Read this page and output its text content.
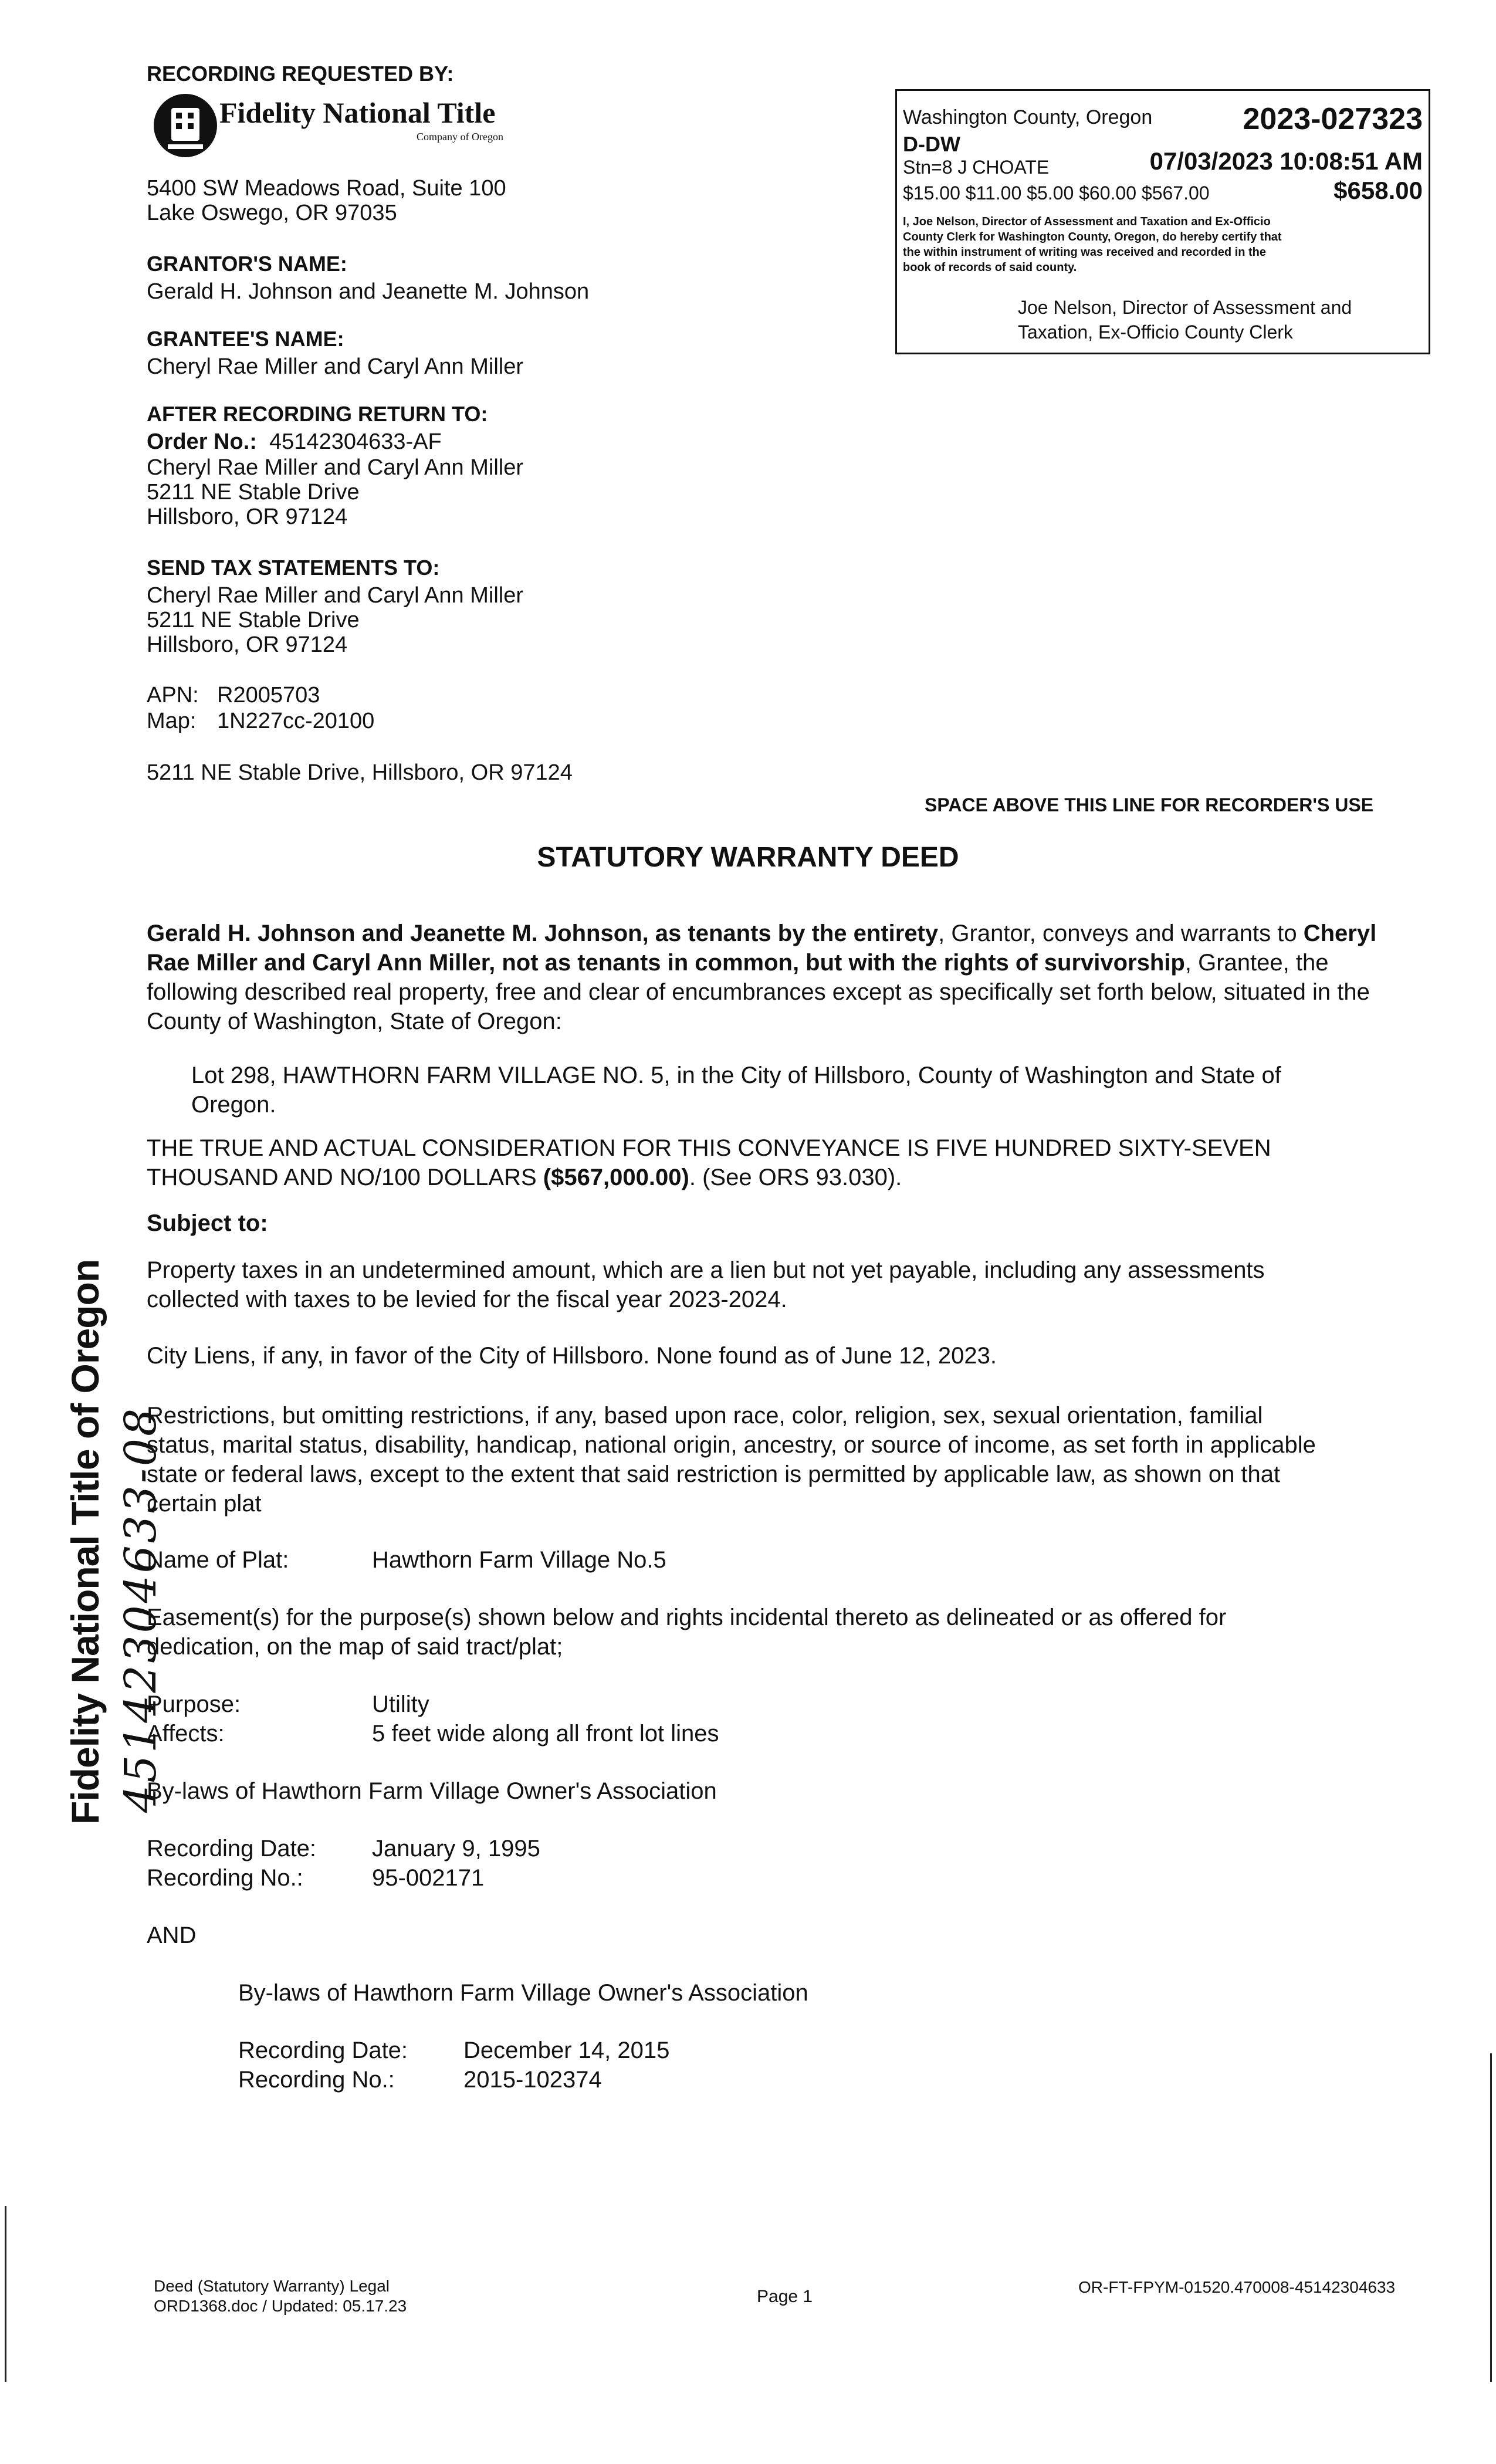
RECORDING REQUESTED BY:
Fidelity National Title
Company of Oregon
5400 SW Meadows Road, Suite 100
Lake Oswego, OR 97035
GRANTOR'S NAME:
Gerald H. Johnson and Jeanette M. Johnson
GRANTEE'S NAME:
Cheryl Rae Miller and Caryl Ann Miller
AFTER RECORDING RETURN TO:
Order No.: 45142304633-AF
Cheryl Rae Miller and Caryl Ann Miller
5211 NE Stable Drive
Hillsboro, OR 97124
SEND TAX STATEMENTS TO:
Cheryl Rae Miller and Caryl Ann Miller
5211 NE Stable Drive
Hillsboro, OR 97124
APN: R2005703
Map: 1N227cc-20100
5211 NE Stable Drive, Hillsboro, OR 97124
Washington County, Oregon	2023-027323
D-DW
Stn=8 J CHOATE	07/03/2023 10:08:51 AM
$15.00 $11.00 $5.00 $60.00 $567.00	$658.00
I, Joe Nelson, Director of Assessment and Taxation and Ex-Officio
County Clerk for Washington County, Oregon, do hereby certify that
the within instrument of writing was received and recorded in the
book of records of said county.
Joe Nelson, Director of Assessment and
Taxation, Ex-Officio County Clerk
SPACE ABOVE THIS LINE FOR RECORDER'S USE
STATUTORY WARRANTY DEED
Gerald H. Johnson and Jeanette M. Johnson, as tenants by the entirety, Grantor, conveys and warrants to Cheryl Rae Miller and Caryl Ann Miller, not as tenants in common, but with the rights of survivorship, Grantee, the following described real property, free and clear of encumbrances except as specifically set forth below, situated in the County of Washington, State of Oregon:
Lot 298, HAWTHORN FARM VILLAGE NO. 5, in the City of Hillsboro, County of Washington and State of
Oregon.
THE TRUE AND ACTUAL CONSIDERATION FOR THIS CONVEYANCE IS FIVE HUNDRED SIXTY-SEVEN
THOUSAND AND NO/100 DOLLARS ($567,000.00). (See ORS 93.030).
Subject to:
Property taxes in an undetermined amount, which are a lien but not yet payable, including any assessments
collected with taxes to be levied for the fiscal year 2023-2024.
City Liens, if any, in favor of the City of Hillsboro. None found as of June 12, 2023.
Restrictions, but omitting restrictions, if any, based upon race, color, religion, sex, sexual orientation, familial
status, marital status, disability, handicap, national origin, ancestry, or source of income, as set forth in applicable
state or federal laws, except to the extent that said restriction is permitted by applicable law, as shown on that
certain plat
Name of Plat:	Hawthorn Farm Village No.5
Easement(s) for the purpose(s) shown below and rights incidental thereto as delineated or as offered for
dedication, on the map of said tract/plat;
Purpose:	Utility
Affects:	5 feet wide along all front lot lines
By-laws of Hawthorn Farm Village Owner's Association
Recording Date: January 9, 1995
Recording No.:	95-002171
AND
By-laws of Hawthorn Farm Village Owner's Association
Recording Date: December 14, 2015
Recording No.:	2015-102374
Fidelity National Title of Oregon 45142304633-08
Deed (Statutory Warranty) Legal
ORD1368.doc / Updated: 05.17.23	Page 1	OR-FT-FPYM-01520.470008-45142304633
